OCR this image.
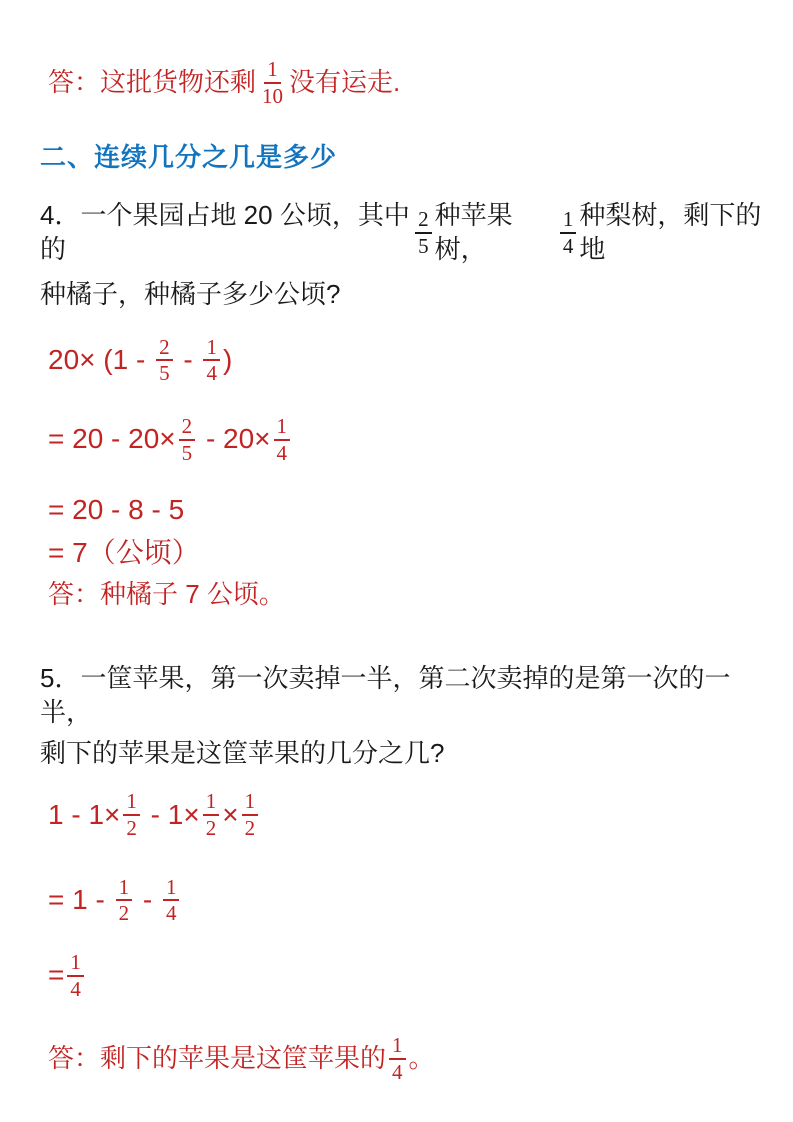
答：这批货物还剩 $\frac{1}{10}$ 没有运走.
二、连续几分之几是多少
4．一个果园占地 20 公顷，其中的	$\frac{2}{5}$ 种苹果树，	$\frac{1}{4}$ 种梨树，剩下的地
种橘子，种橘子多少公顷?
$20\times (1 - \frac{2}{5} - \frac{1}{4}$ )
= $20 - 20\times \frac{2}{5} - 20\times \frac{1}{4}$
= 20 - 8 - 5
= 7（公顷）
答：种橘子 7 公顷。
5．一筐苹果，第一次卖掉一半，第二次卖掉的是第一次的一半，
剩下的苹果是这筐苹果的几分之几?
$1 - 1\times \frac{1}{2} - 1\times \frac{1}{2} \times \frac{1}{2}$
= $1 - \frac{1}{2} - \frac{1}{4}$
= $\frac{1}{4}$
答：剩下的苹果是这筐苹果的 $\frac{1}{4}$ 。
